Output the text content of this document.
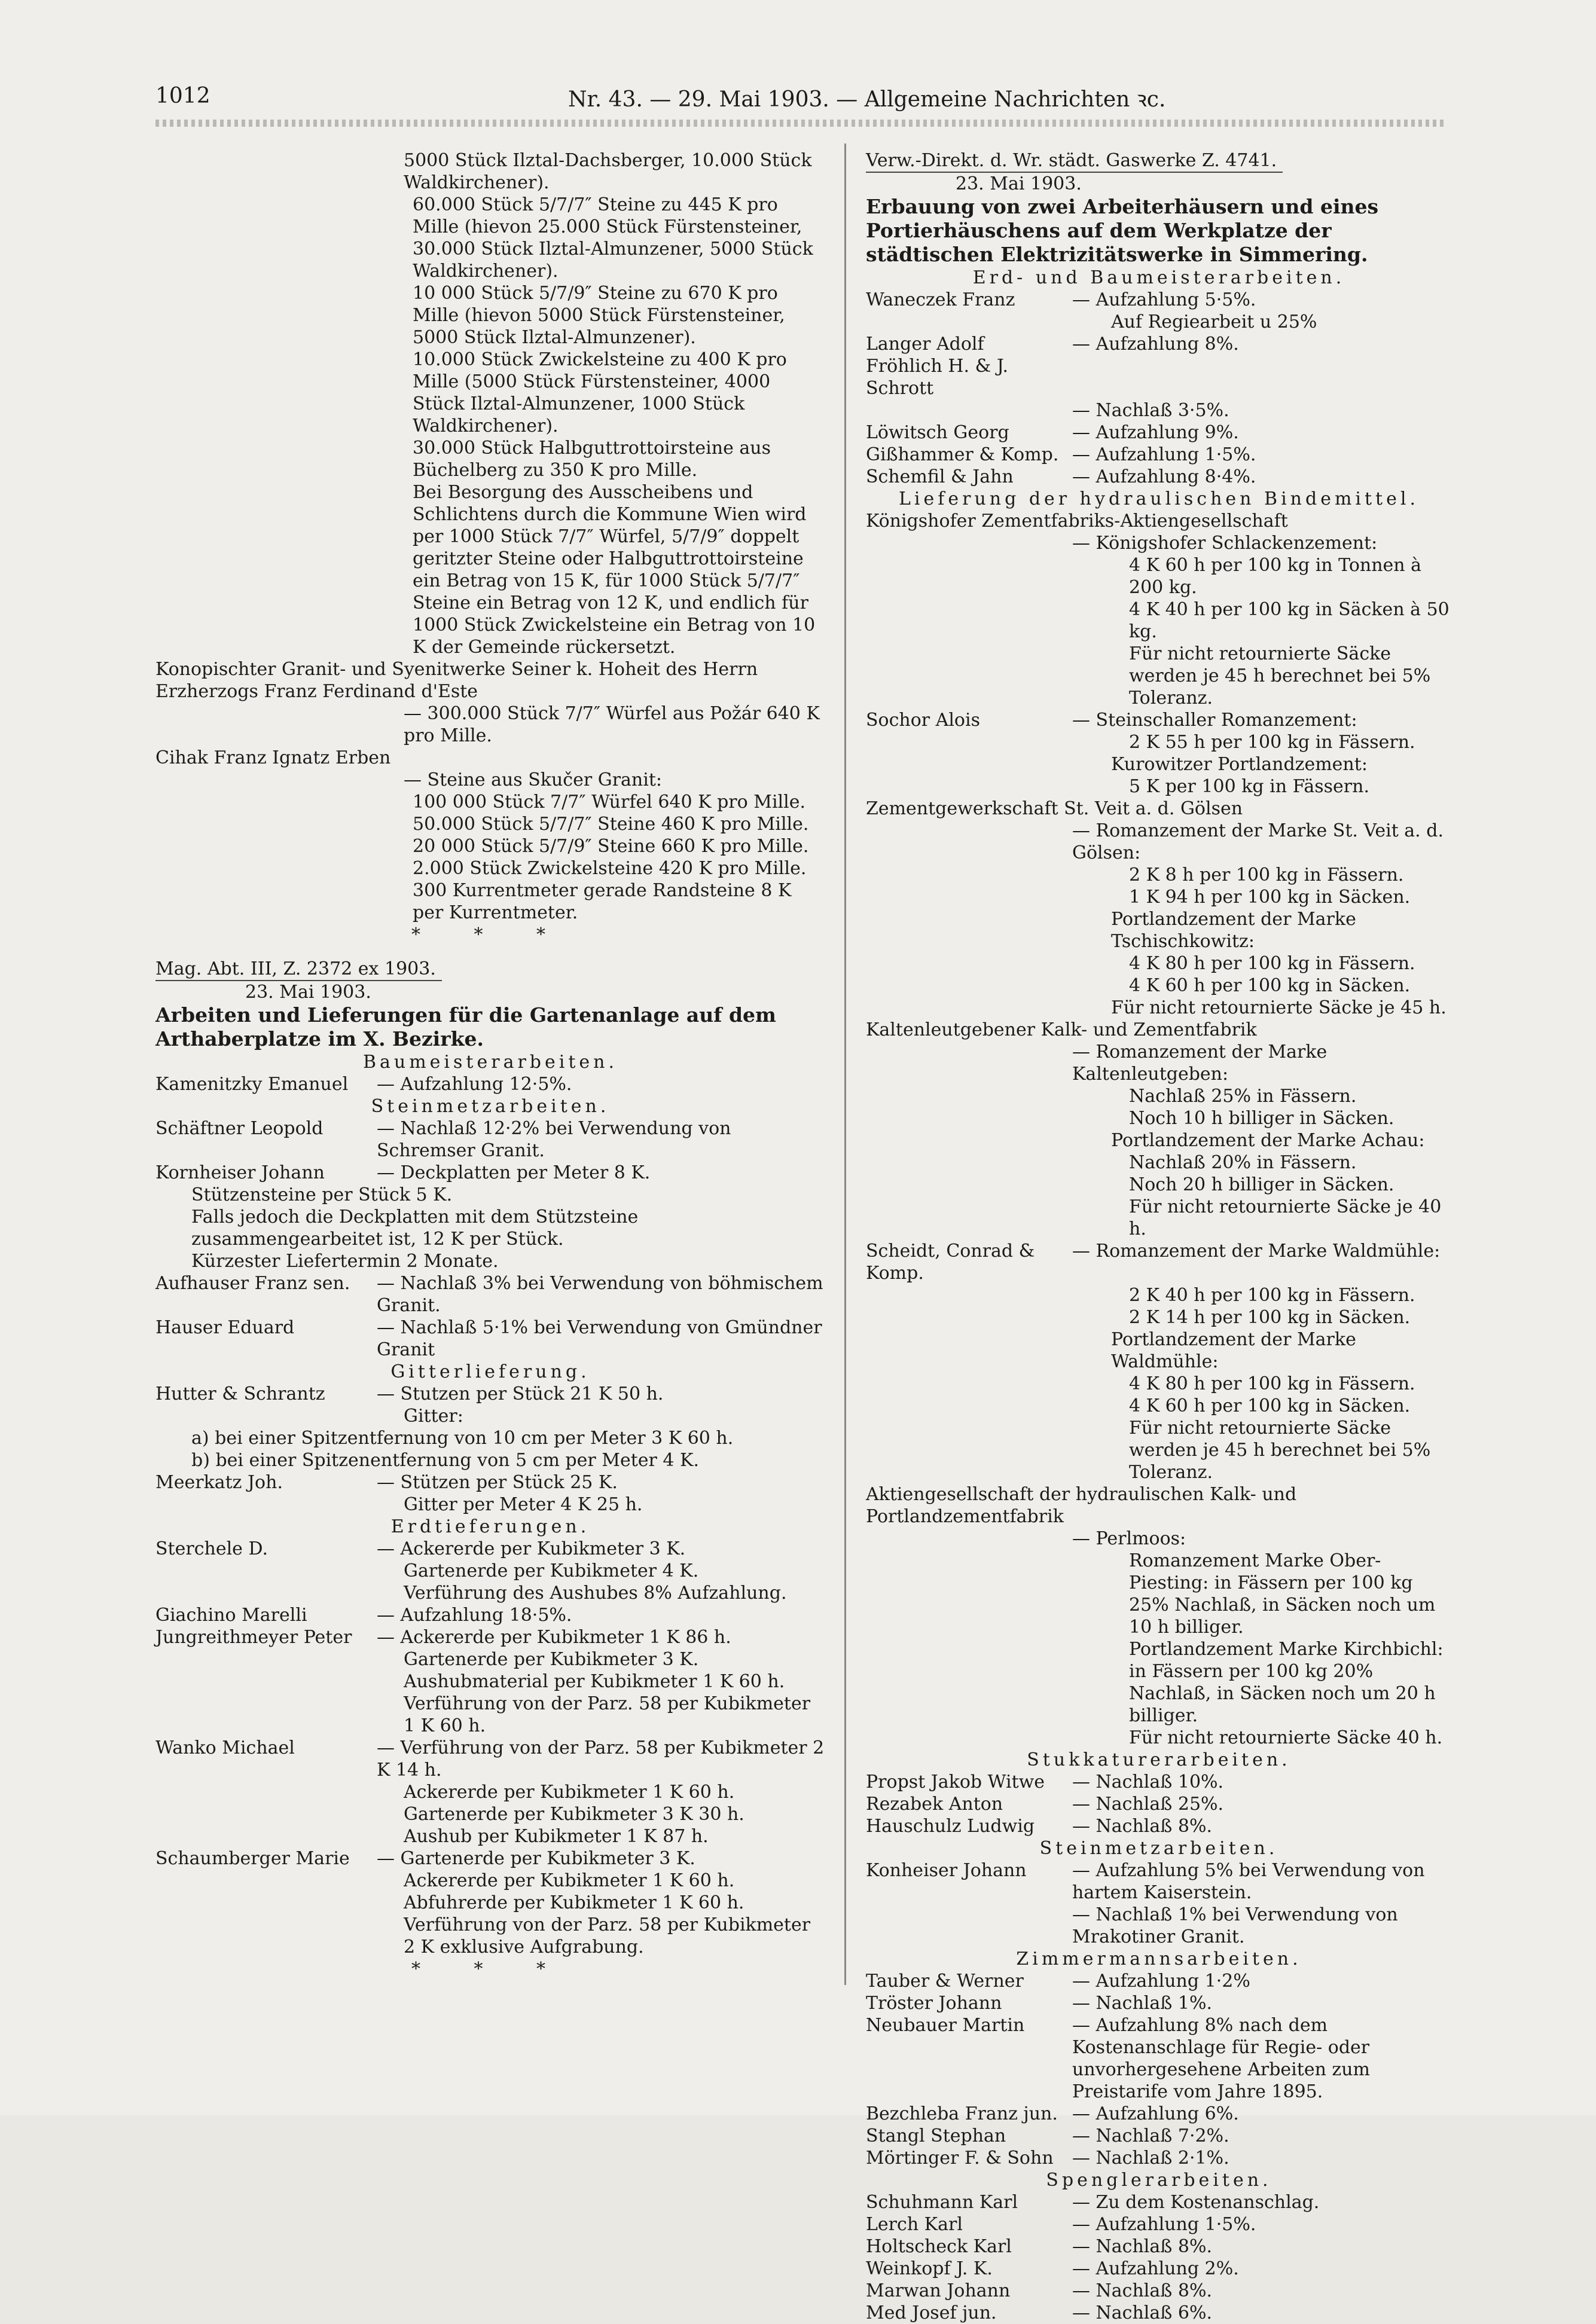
1012	Nr. 43. — 29. Mai 1903. — Allgemeine Nachrichten ꝛc.
5000 Stück Ilztal-Dachsberger, 10.000 Stück Waldkirchener).
60.000 Stück 5/7/7″ Steine zu 445 K pro Mille (hievon 25.000 Stück Fürstensteiner, 30.000 Stück Ilztal-Almunzener, 5000 Stück Waldkirchener).
10 000 Stück 5/7/9″ Steine zu 670 K pro Mille (hievon 5000 Stück Fürstensteiner, 5000 Stück Ilztal-Almunzener).
10.000 Stück Zwickelsteine zu 400 K pro Mille (5000 Stück Fürstensteiner, 4000 Stück Ilztal-Almunzener, 1000 Stück Waldkirchener).
30.000 Stück Halbguttrottoirsteine aus Büchelberg zu 350 K pro Mille.
Bei Besorgung des Ausscheibens und Schlichtens durch die Kommune Wien wird per 1000 Stück 7/7″ Würfel, 5/7/9″ doppelt geritzter Steine oder Halbguttrottoirsteine ein Betrag von 15 K, für 1000 Stück 5/7/7″ Steine ein Betrag von 12 K, und endlich für 1000 Stück Zwickelsteine ein Betrag von 10 K der Gemeinde rückersetzt.
Konopischter Granit- und Syenitwerke Seiner k. Hoheit des Herrn Erzherzogs Franz Ferdinand d'Este
— 300.000 Stück 7/7″ Würfel aus Požár 640 K pro Mille.
Cihak Franz Ignatz Erben
— Steine aus Skučer Granit:
100 000 Stück 7/7″ Würfel 640 K pro Mille.
50.000 Stück 5/7/7″ Steine 460 K pro Mille.
20 000 Stück 5/7/9″ Steine 660 K pro Mille.
2.000 Stück Zwickelsteine 420 K pro Mille.
300 Kurrentmeter gerade Randsteine 8 K per Kurrentmeter.
* * *
Mag. Abt. III, Z. 2372 ex 1903.
23. Mai 1903.
Arbeiten und Lieferungen für die Gartenanlage auf dem Arthaberplatze im X. Bezirke.
Baumeisterarbeiten.
Kamenitzky Emanuel	— Aufzahlung 12·5%.
Steinmetzarbeiten.
Schäftner Leopold	— Nachlaß 12·2% bei Verwendung von Schremser Granit.
Kornheiser Johann	— Deckplatten per Meter 8 K.
Stützensteine per Stück 5 K.
Falls jedoch die Deckplatten mit dem Stützsteine zusammengearbeitet ist, 12 K per Stück.
Kürzester Liefertermin 2 Monate.
Aufhauser Franz sen.	— Nachlaß 3% bei Verwendung von böhmischem Granit.
Hauser Eduard	— Nachlaß 5·1% bei Verwendung von Gmündner Granit
Gitterlieferung.
Hutter & Schrantz	— Stutzen per Stück 21 K 50 h.
Gitter:
a) bei einer Spitzentfernung von 10 cm per Meter 3 K 60 h.
b) bei einer Spitzenentfernung von 5 cm per Meter 4 K.
Meerkatz Joh.	— Stützen per Stück 25 K.
Gitter per Meter 4 K 25 h.
Erdtieferungen.
Sterchele D.	— Ackererde per Kubikmeter 3 K.
Gartenerde per Kubikmeter 4 K.
Verführung des Aushubes 8% Aufzahlung.
Giachino Marelli	— Aufzahlung 18·5%.
Jungreithmeyer Peter	— Ackererde per Kubikmeter 1 K 86 h.
Gartenerde per Kubikmeter 3 K.
Aushubmaterial per Kubikmeter 1 K 60 h.
Verführung von der Parz. 58 per Kubikmeter 1 K 60 h.
Wanko Michael	— Verführung von der Parz. 58 per Kubikmeter 2 K 14 h.
Ackererde per Kubikmeter 1 K 60 h.
Gartenerde per Kubikmeter 3 K 30 h.
Aushub per Kubikmeter 1 K 87 h.
Schaumberger Marie	— Gartenerde per Kubikmeter 3 K.
Ackererde per Kubikmeter 1 K 60 h.
Abfuhrerde per Kubikmeter 1 K 60 h.
Verführung von der Parz. 58 per Kubikmeter 2 K exklusive Aufgrabung.
* * *
Verw.-Direkt. d. Wr. städt. Gaswerke Z. 4741.
23. Mai 1903.
Erbauung von zwei Arbeiterhäusern und eines Portierhäuschens auf dem Werkplatze der städtischen Elektrizitätswerke in Simmering.
Erd- und Baumeisterarbeiten.
Waneczek Franz	— Aufzahlung 5·5%.
Auf Regiearbeit u 25%
Langer Adolf	— Aufzahlung 8%.
Fröhlich H. & J. Schrott
— Nachlaß 3·5%.
Löwitsch Georg	— Aufzahlung 9%.
Gißhammer & Komp. — Aufzahlung 1·5%.
Schemfil & Jahn	— Aufzahlung 8·4%.
Lieferung der hydraulischen Bindemittel.
Königshofer Zementfabriks-Aktiengesellschaft
— Königshofer Schlackenzement:
4 K 60 h per 100 kg in Tonnen à 200 kg.
4 K 40 h per 100 kg in Säcken à 50 kg.
Für nicht retournierte Säcke werden je 45 h berechnet bei 5% Toleranz.
Sochor Alois	— Steinschaller Romanzement:
2 K 55 h per 100 kg in Fässern.
Kurowitzer Portlandzement:
5 K per 100 kg in Fässern.
Zementgewerkschaft St. Veit a. d. Gölsen
— Romanzement der Marke St. Veit a. d. Gölsen:
2 K 8 h per 100 kg in Fässern.
1 K 94 h per 100 kg in Säcken.
Portlandzement der Marke Tschischkowitz:
4 K 80 h per 100 kg in Fässern.
4 K 60 h per 100 kg in Säcken.
Für nicht retournierte Säcke je 45 h.
Kaltenleutgebener Kalk- und Zementfabrik
— Romanzement der Marke Kaltenleutgeben:
Nachlaß 25% in Fässern.
Noch 10 h billiger in Säcken.
Portlandzement der Marke Achau:
Nachlaß 20% in Fässern.
Noch 20 h billiger in Säcken.
Für nicht retournierte Säcke je 40 h.
Scheidt, Conrad & Komp.
— Romanzement der Marke Waldmühle:
2 K 40 h per 100 kg in Fässern.
2 K 14 h per 100 kg in Säcken.
Portlandzement der Marke Waldmühle:
4 K 80 h per 100 kg in Fässern.
4 K 60 h per 100 kg in Säcken.
Für nicht retournierte Säcke werden je 45 h berechnet bei 5% Toleranz.
Aktiengesellschaft der hydraulischen Kalk- und Portlandzementfabrik
— Perlmoos:
Romanzement Marke Ober-Piesting: in Fässern per 100 kg 25% Nachlaß, in Säcken noch um 10 h billiger.
Portlandzement Marke Kirchbichl: in Fässern per 100 kg 20% Nachlaß, in Säcken noch um 20 h billiger.
Für nicht retournierte Säcke 40 h.
Stukkaturerarbeiten.
Propst Jakob Witwe	— Nachlaß 10%.
Rezabek Anton	— Nachlaß 25%.
Hauschulz Ludwig	— Nachlaß 8%.
Steinmetzarbeiten.
Konheiser Johann	— Aufzahlung 5% bei Verwendung von hartem Kaiserstein.
— Nachlaß 1% bei Verwendung von Mrakotiner Granit.
Zimmermannsarbeiten.
Tauber & Werner	— Aufzahlung 1·2%
Tröster Johann	— Nachlaß 1%.
Neubauer Martin	— Aufzahlung 8% nach dem Kostenanschlage für Regie- oder unvorhergesehene Arbeiten zum Preistarife vom Jahre 1895.
Bezchleba Franz jun. — Aufzahlung 6%.
Stangl Stephan	— Nachlaß 7·2%.
Mörtinger F. & Sohn	— Nachlaß 2·1%.
Spenglerarbeiten.
Schuhmann Karl	— Zu dem Kostenanschlag.
Lerch Karl	— Aufzahlung 1·5%.
Holtscheck Karl	— Nachlaß 8%.
Weinkopf J. K.	— Aufzahlung 2%.
Marwan Johann	— Nachlaß 8%.
Med Josef jun.	— Nachlaß 6%.
